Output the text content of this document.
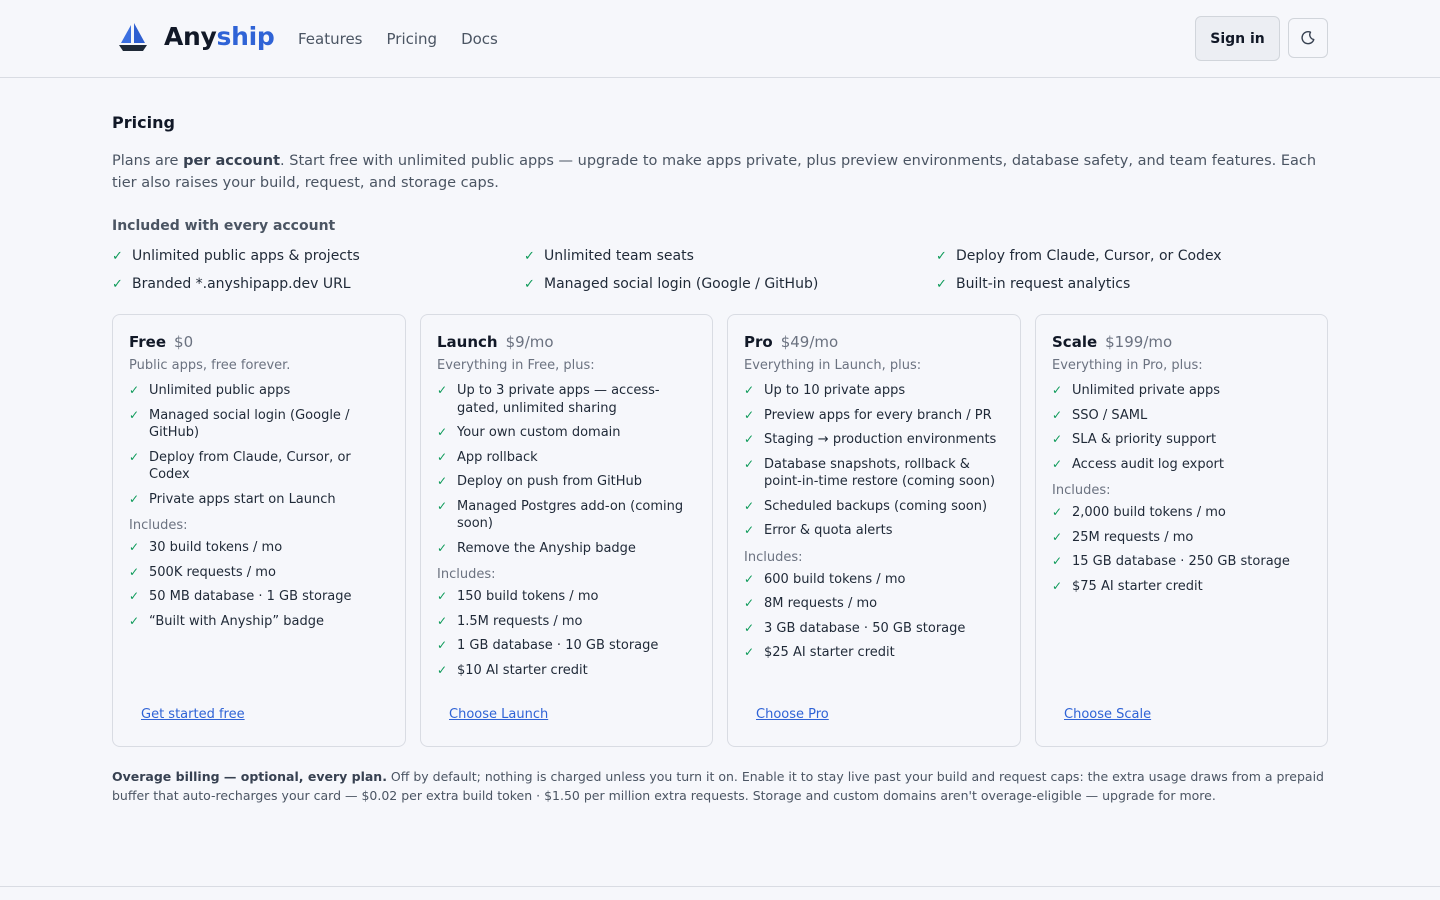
Anyship Features Pricing Docs	Sign in
Pricing
Plans are per account. Start free with unlimited public apps — upgrade to make apps private, plus preview environments, database safety, and team features. Each tier also raises your build, request, and storage caps.
Included with every account
✓ Unlimited public apps & projects	✓ Unlimited team seats	✓ Deploy from Claude, Cursor, or Codex
✓ Branded *.anyshipapp.dev URL	✓ Managed social login (Google / GitHub)	✓ Built-in request analytics
Free $0
Public apps, free forever.
✓ Unlimited public apps
✓ Managed social login (Google / GitHub)
✓ Deploy from Claude, Cursor, or Codex
✓ Private apps start on Launch
Includes:
✓ 30 build tokens / mo
✓ 500K requests / mo
✓ 50 MB database · 1 GB storage
✓ “Built with Anyship” badge
Get started free
Launch $9/mo
Everything in Free, plus:
✓ Up to 3 private apps — access-gated, unlimited sharing
✓ Your own custom domain
✓ App rollback
✓ Deploy on push from GitHub
✓ Managed Postgres add-on (coming soon)
✓ Remove the Anyship badge
Includes:
✓ 150 build tokens / mo
✓ 1.5M requests / mo
✓ 1 GB database · 10 GB storage
✓ $10 AI starter credit
Choose Launch
Pro $49/mo
Everything in Launch, plus:
✓ Up to 10 private apps
✓ Preview apps for every branch / PR
✓ Staging → production environments
✓ Database snapshots, rollback & point-in-time restore (coming soon)
✓ Scheduled backups (coming soon)
✓ Error & quota alerts
Includes:
✓ 600 build tokens / mo
✓ 8M requests / mo
✓ 3 GB database · 50 GB storage
✓ $25 AI starter credit
Choose Pro
Scale $199/mo
Everything in Pro, plus:
✓ Unlimited private apps
✓ SSO / SAML
✓ SLA & priority support
✓ Access audit log export
Includes:
✓ 2,000 build tokens / mo
✓ 25M requests / mo
✓ 15 GB database · 250 GB storage
✓ $75 AI starter credit
Choose Scale
Overage billing — optional, every plan. Off by default; nothing is charged unless you turn it on. Enable it to stay live past your build and request caps: the extra usage draws from a prepaid buffer that auto-recharges your card — $0.02 per extra build token · $1.50 per million extra requests. Storage and custom domains aren't overage-eligible — upgrade for more.
